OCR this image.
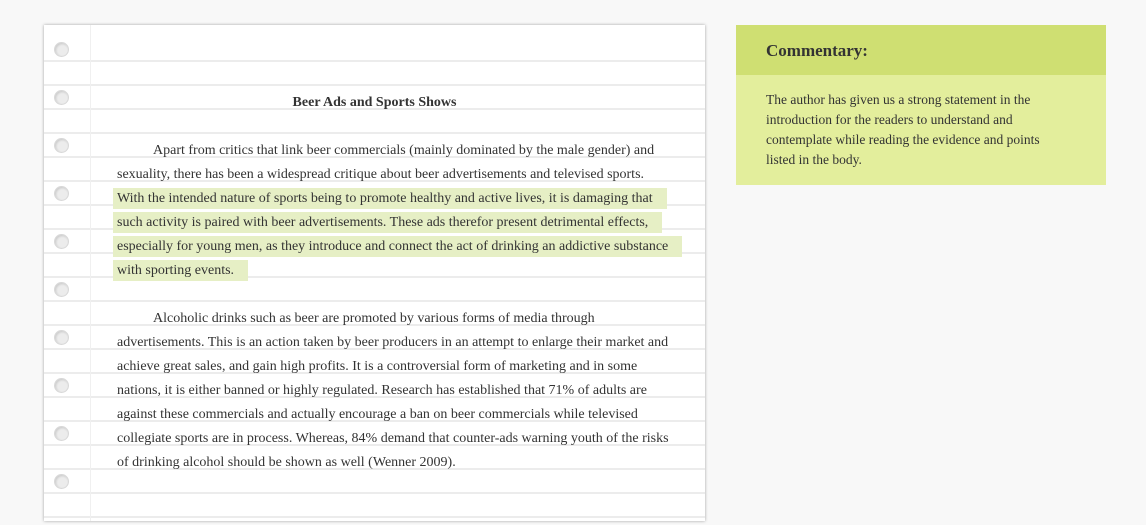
Beer Ads and Sports Shows
Apart from critics that link beer commercials (mainly dominated by the male gender) and sexuality, there has been a widespread critique about beer advertisements and televised sports. With the intended nature of sports being to promote healthy and active lives, it is damaging that such activity is paired with beer advertisements. These ads therefor present detrimental effects, especially for young men, as they introduce and connect the act of drinking an addictive substance with sporting events.
Alcoholic drinks such as beer are promoted by various forms of media through advertisements. This is an action taken by beer producers in an attempt to enlarge their market and achieve great sales, and gain high profits. It is a controversial form of marketing and in some nations, it is either banned or highly regulated. Research has established that 71% of adults are against these commercials and actually encourage a ban on beer commercials while televised collegiate sports are in process. Whereas, 84% demand that counter-ads warning youth of the risks of drinking alcohol should be shown as well (Wenner 2009).
Commentary:
The author has given us a strong statement in the introduction for the readers to understand and contemplate while reading the evidence and points listed in the body.
